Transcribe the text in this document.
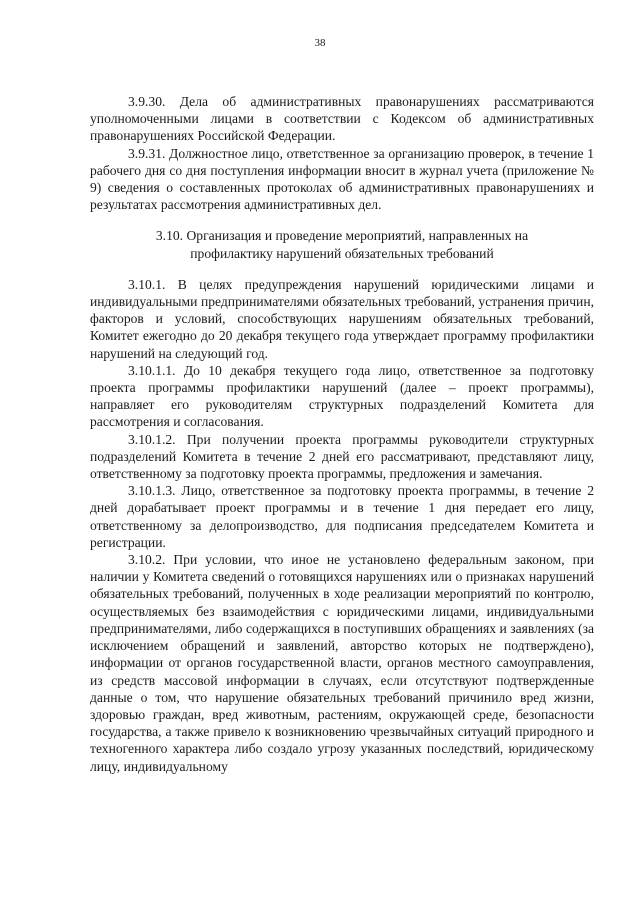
38

3.9.30. Дела об административных правонарушениях рассматриваются уполномоченными лицами в соответствии с Кодексом об административных правонарушениях Российской Федерации.

3.9.31. Должностное лицо, ответственное за организацию проверок, в течение 1 рабочего дня со дня поступления информации вносит в журнал учета (приложение № 9) сведения о составленных протоколах об административных правонарушениях и результатах рассмотрения административных дел.

3.10. Организация и проведение мероприятий, направленных на профилактику нарушений обязательных требований

3.10.1. В целях предупреждения нарушений юридическими лицами и индивидуальными предпринимателями обязательных требований, устранения причин, факторов и условий, способствующих нарушениям обязательных требований, Комитет ежегодно до 20 декабря текущего года утверждает программу профилактики нарушений на следующий год.

3.10.1.1. До 10 декабря текущего года лицо, ответственное за подготовку проекта программы профилактики нарушений (далее – проект программы), направляет его руководителям структурных подразделений Комитета для рассмотрения и согласования.

3.10.1.2. При получении проекта программы руководители структурных подразделений Комитета в течение 2 дней его рассматривают, представляют лицу, ответственному за подготовку проекта программы, предложения и замечания.

3.10.1.3. Лицо, ответственное за подготовку проекта программы, в течение 2 дней дорабатывает проект программы и в течение 1 дня передает его лицу, ответственному за делопроизводство, для подписания председателем Комитета и регистрации.

3.10.2. При условии, что иное не установлено федеральным законом, при наличии у Комитета сведений о готовящихся нарушениях или о признаках нарушений обязательных требований, полученных в ходе реализации мероприятий по контролю, осуществляемых без взаимодействия с юридическими лицами, индивидуальными предпринимателями, либо содержащихся в поступивших обращениях и заявлениях (за исключением обращений и заявлений, авторство которых не подтверждено), информации от органов государственной власти, органов местного самоуправления, из средств массовой информации в случаях, если отсутствуют подтвержденные данные о том, что нарушение обязательных требований причинило вред жизни, здоровью граждан, вред животным, растениям, окружающей среде, безопасности государства, а также привело к возникновению чрезвычайных ситуаций природного и техногенного характера либо создало угрозу указанных последствий, юридическому лицу, индивидуальному
